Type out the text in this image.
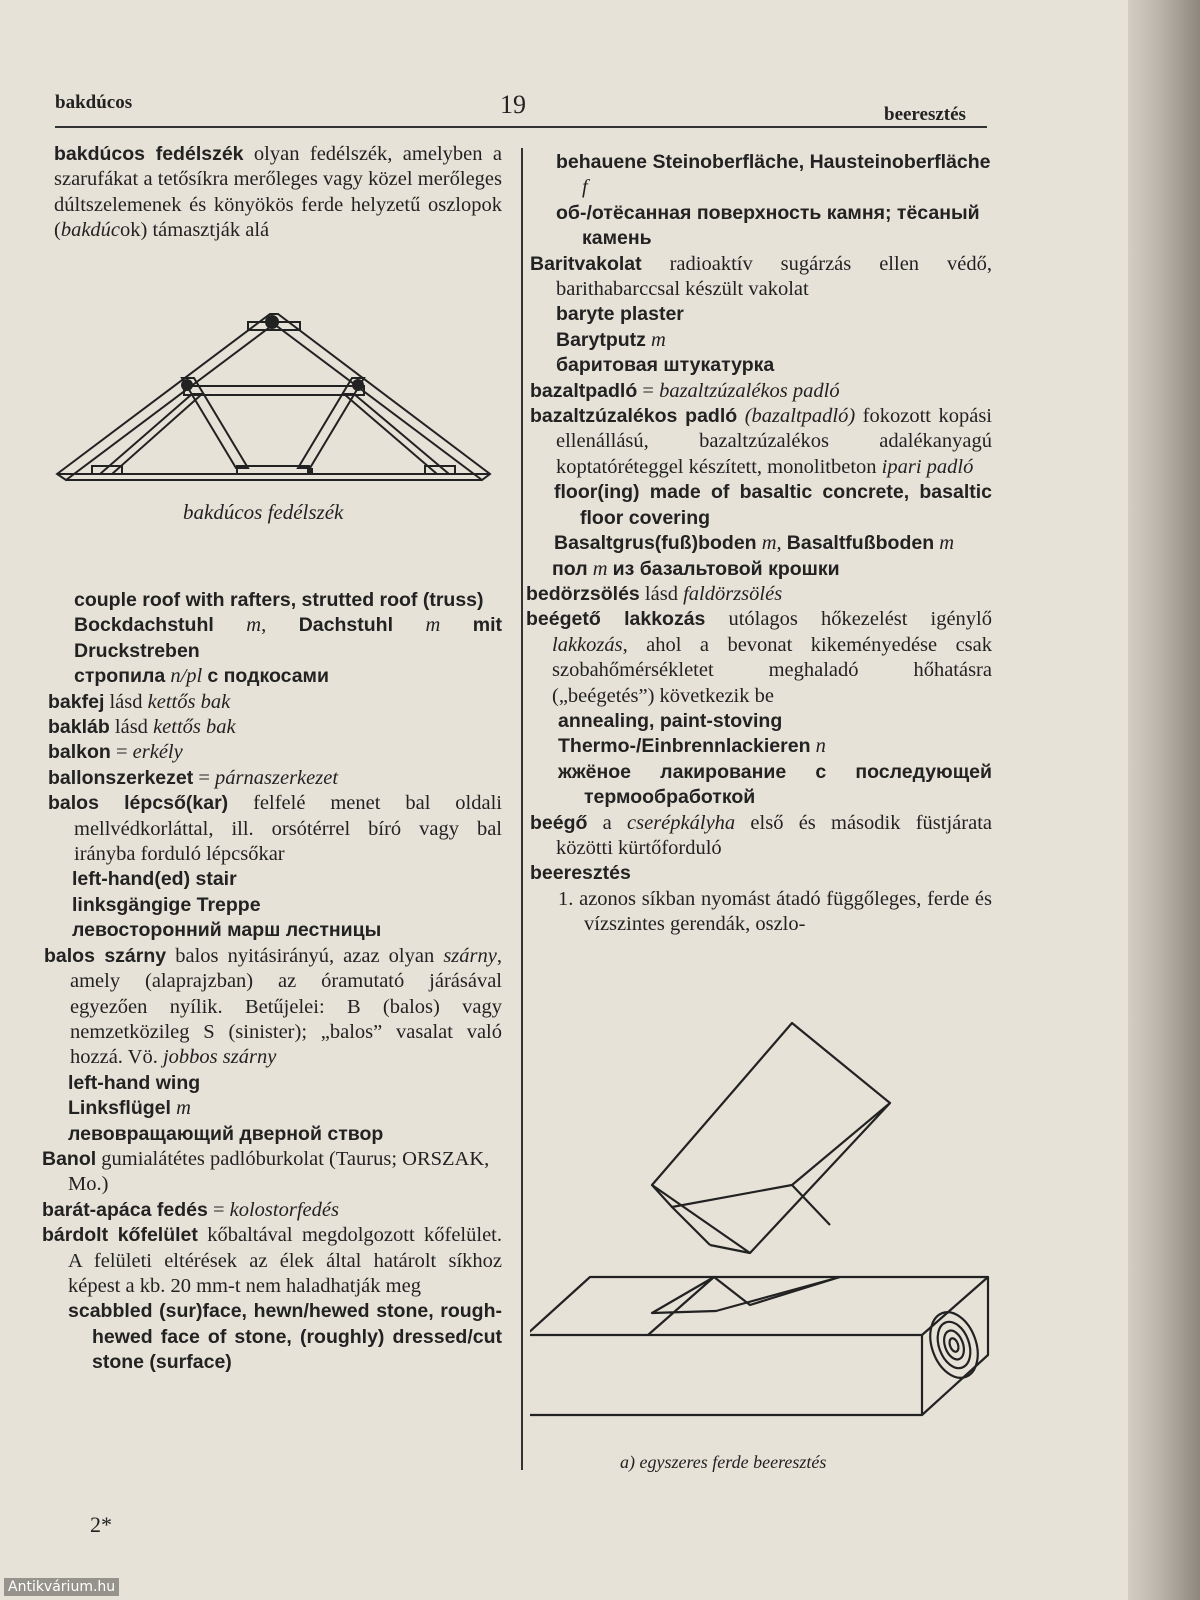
bakdúcos	19	beeresztés

bakdúcos fedélszék olyan fedélszék, amelyben a szarufákat a tetősíkra merőleges vagy közel merőleges dúltszelemenek és könyökös ferde helyzetű oszlopok (bakdúcok) támasztják alá

bakdúcos fedélszék

couple roof with rafters, strutted roof (truss)

Bockdachstuhl m, Dachstuhl m mit Druckstreben

стропила n/pl с подкосами

bakfej lásd kettős bak

bakláb lásd kettős bak

balkon = erkély

ballonszerkezet = párnaszerkezet

balos lépcső(kar) felfelé menet bal oldali mellvédkorláttal, ill. orsótérrel bíró vagy bal irányba forduló lépcsőkar

left-hand(ed) stair

linksgängige Treppe

левосторонний марш лестницы

balos szárny balos nyitásirányú, azaz olyan szárny, amely (alaprajzban) az óramutató járásával egyezően nyílik. Betűjelei: B (balos) vagy nemzetközileg S (sinister); „balos” vasalat való hozzá. Vö. jobbos szárny

left-hand wing

Linksflügel m

левовращающий дверной створ

Banol gumialátétes padlóburkolat (Taurus; ORSZAK, Mo.)

barát-apáca fedés = kolostorfedés

bárdolt kőfelület kőbaltával megdolgozott kőfelület. A felületi eltérések az élek által határolt síkhoz képest a kb. 20 mm-t nem haladhatják meg

scabbled (sur)face, hewn/hewed stone, rough-hewed face of stone, (roughly) dressed/cut stone (surface)

behauene Steinoberfläche, Hausteinoberfläche f

об-/отёсанная поверхность камня; тёсаный камень

Baritvakolat radioaktív sugárzás ellen védő, barithabarccsal készült vakolat

baryte plaster

Barytputz m

баритовая штукатурка

bazaltpadló = bazaltzúzalékos padló

bazaltzúzalékos padló (bazaltpadló) fokozott kopási ellenállású, bazaltzúzalékos adalékanyagú koptatóréteggel készített, monolitbeton ipari padló

floor(ing) made of basaltic concrete, basaltic floor covering

Basaltgrus(fuß)boden m, Basaltfußboden m

пол m из базальтовой крошки

bedörzsölés lásd faldörzsölés

beégető lakkozás utólagos hőkezelést igénylő lakkozás, ahol a bevonat kikeményedése csak szobahőmérsékletet meghaladó hőhatásra („beégetés”) következik be

annealing, paint-stoving

Thermo-/Einbrennlackieren n

жжёное лакирование с последующей термообработкой

beégő a cserépkályha első és második füstjárata közötti kürtőforduló

beeresztés

1. azonos síkban nyomást átadó függőleges, ferde és vízszintes gerendák, oszlo-

a) egyszeres ferde beeresztés
2*
Antikvárium.hu
